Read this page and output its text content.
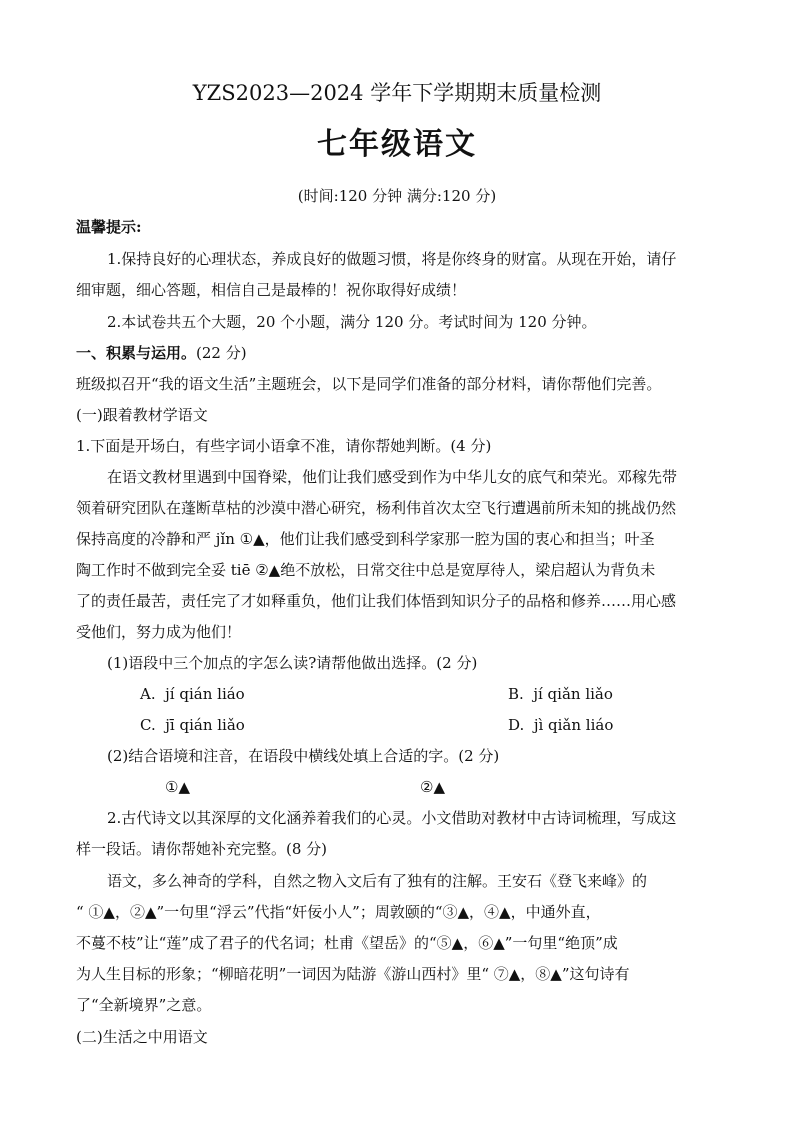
YZS2023—2024 学年下学期期末质量检测
七年级语文
(时间:120 分钟 满分:120 分)
温馨提示:
1.保持良好的心理状态，养成良好的做题习惯，将是你终身的财富。从现在开始，请仔
细审题，细心答题，相信自己是最棒的！祝你取得好成绩！
2.本试卷共五个大题，20 个小题，满分 120 分。考试时间为 120 分钟。
一、积累与运用。(22 分)
班级拟召开“我的语文生活”主题班会，以下是同学们准备的部分材料，请你帮他们完善。
(一)跟着教材学语文
1.下面是开场白，有些字词小语拿不准，请你帮她判断。(4 分)
在语文教材里遇到中国脊梁，他们让我们感受到作为中华儿女的底气和荣光。邓稼先带
领着研究团队在蓬断草枯的沙漠中潜心研究，杨利伟首次太空飞行遭遇前所未知的挑战仍然
保持高度的冷静和严 jǐn ①▲，他们让我们感受到科学家那一腔为国的衷心和担当；叶圣
陶工作时不做到完全妥 tiē ②▲绝不放松，日常交往中总是宽厚待人，梁启超认为背负未
了的责任最苦，责任完了才如释重负，他们让我们体悟到知识分子的品格和修养……用心感
受他们，努力成为他们！
(1)语段中三个加点的字怎么读?请帮他做出选择。(2 分)
A. jí qián liáo	B. jí qiǎn liǎo
C. jī qián liǎo	D. jì qiǎn liáo
(2)结合语境和注音，在语段中横线处填上合适的字。(2 分)
①▲	②▲
2.古代诗文以其深厚的文化涵养着我们的心灵。小文借助对教材中古诗词梳理，写成这
样一段话。请你帮她补充完整。(8 分)
语文，多么神奇的学科，自然之物入文后有了独有的注解。王安石《登飞来峰》的
“ ①▲，②▲”一句里“浮云”代指“奸佞小人”；周敦颐的“③▲，④▲，中通外直，
不蔓不枝”让“莲”成了君子的代名词；杜甫《望岳》的“⑤▲，⑥▲”一句里“绝顶”成
为人生目标的形象；“柳暗花明”一词因为陆游《游山西村》里“ ⑦▲，⑧▲”这句诗有
了“全新境界”之意。
(二)生活之中用语文
